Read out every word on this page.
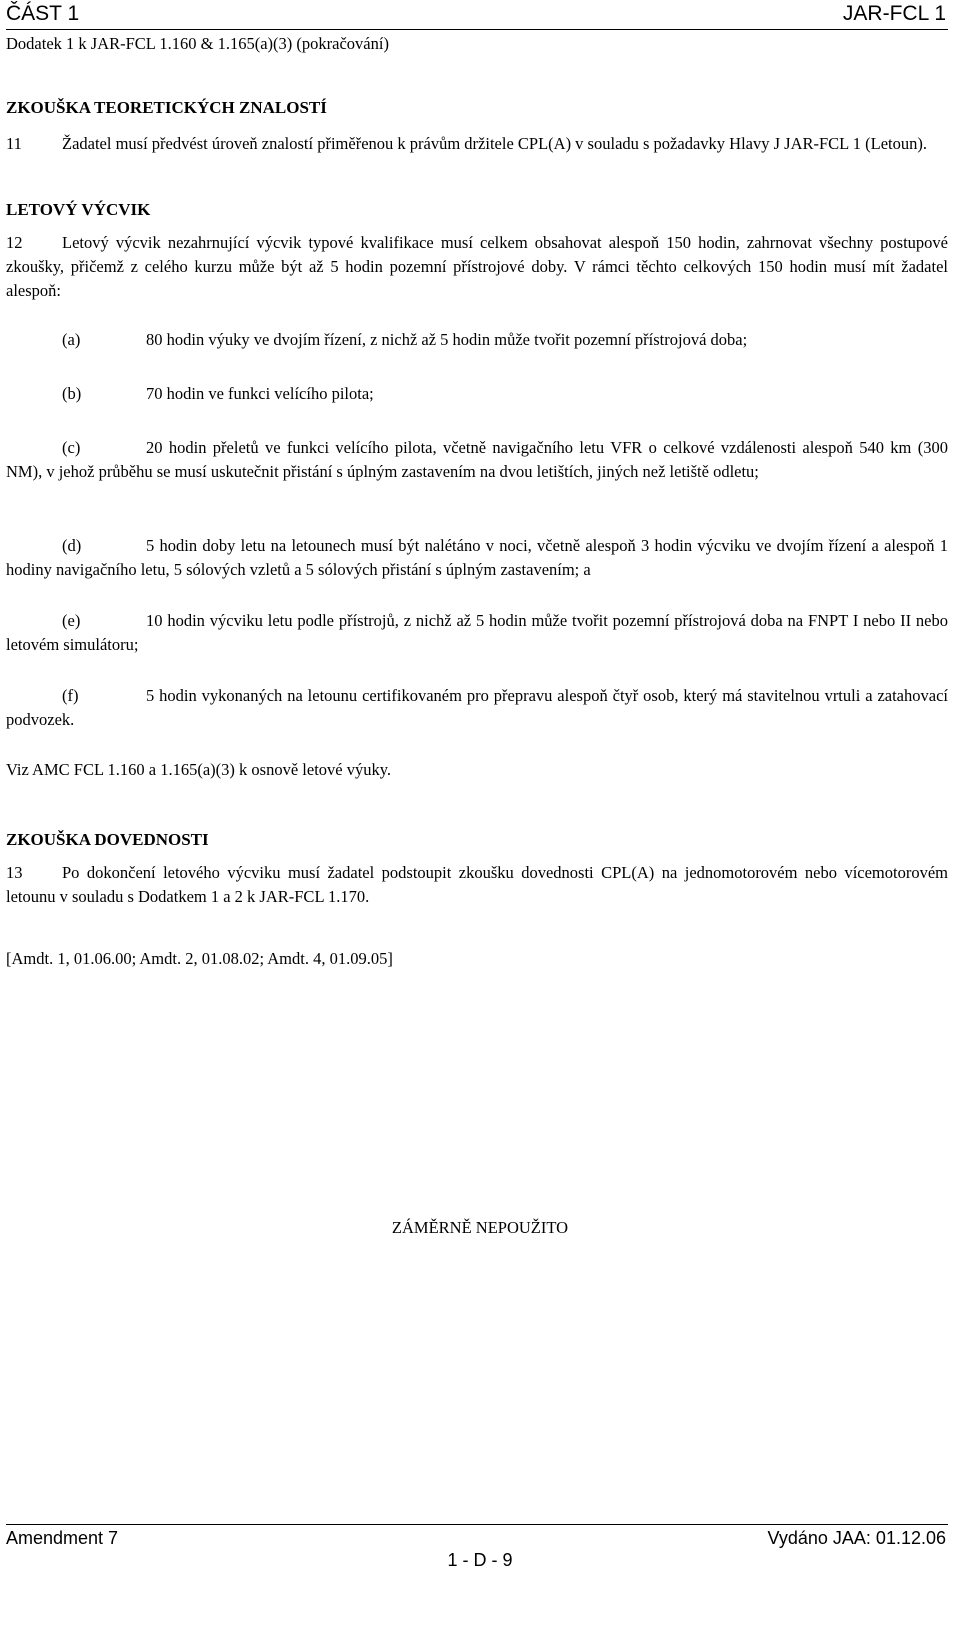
ČÁST 1	JAR-FCL 1
Dodatek 1 k JAR-FCL 1.160 & 1.165(a)(3) (pokračování)
ZKOUŠKA TEORETICKÝCH ZNALOSTÍ
11 Žadatel musí předvést úroveň znalostí přiměřenou k právům držitele CPL(A) v souladu s požadavky Hlavy J JAR-FCL 1 (Letoun).
LETOVÝ VÝCVIK
12 Letový výcvik nezahrnující výcvik typové kvalifikace musí celkem obsahovat alespoň 150 hodin, zahrnovat všechny postupové zkoušky, přičemž z celého kurzu může být až 5 hodin pozemní přístrojové doby. V rámci těchto celkových 150 hodin musí mít žadatel alespoň:
(a)	80 hodin výuky ve dvojím řízení, z nichž až 5 hodin může tvořit pozemní přístrojová doba;
(b)	70 hodin ve funkci velícího pilota;
(c)	20 hodin přeletů ve funkci velícího pilota, včetně navigačního letu VFR o celkové vzdálenosti alespoň 540 km (300 NM), v jehož průběhu se musí uskutečnit přistání s úplným zastavením na dvou letištích, jiných než letiště odletu;
(d)	5 hodin doby letu na letounech musí být nalétáno v noci, včetně alespoň 3 hodin výcviku ve dvojím řízení a alespoň 1 hodiny navigačního letu, 5 sólových vzletů a 5 sólových přistání s úplným zastavením; a
(e)	10 hodin výcviku letu podle přístrojů, z nichž až 5 hodin může tvořit pozemní přístrojová doba na FNPT I nebo II nebo letovém simulátoru;
(f)	5 hodin vykonaných na letounu certifikovaném pro přepravu alespoň čtyř osob, který má stavitelnou vrtuli a zatahovací podvozek.
Viz AMC FCL 1.160 a 1.165(a)(3) k osnově letové výuky.
ZKOUŠKA DOVEDNOSTI
13 Po dokončení letového výcviku musí žadatel podstoupit zkoušku dovednosti CPL(A) na jednomotorovém nebo vícemotorovém letounu v souladu s Dodatkem 1 a 2 k JAR-FCL 1.170.
[Amdt. 1, 01.06.00; Amdt. 2, 01.08.02; Amdt. 4, 01.09.05]
ZÁMĚRNĚ NEPOUŽITO
Amendment 7	Vydáno JAA: 01.12.06
1 - D - 9
